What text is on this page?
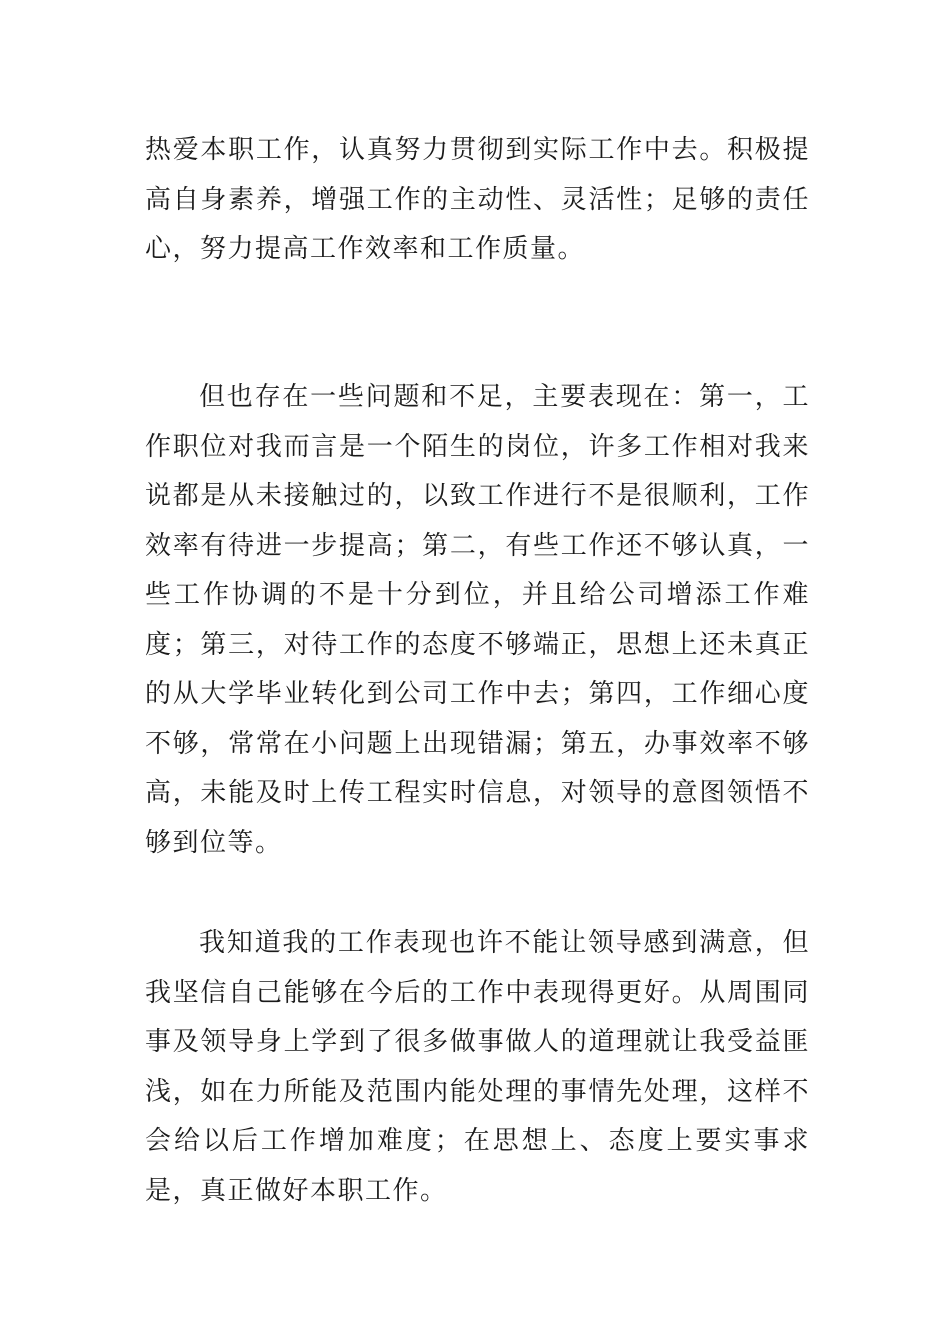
热爱本职工作，认真努力贯彻到实际工作中去。积极提高自身素养，增强工作的主动性、灵活性；足够的责任心，努力提高工作效率和工作质量。

但也存在一些问题和不足，主要表现在：第一，工作职位对我而言是一个陌生的岗位，许多工作相对我来说都是从未接触过的，以致工作进行不是很顺利，工作效率有待进一步提高；第二，有些工作还不够认真，一些工作协调的不是十分到位，并且给公司增添工作难度；第三，对待工作的态度不够端正，思想上还未真正的从大学毕业转化到公司工作中去；第四，工作细心度不够，常常在小问题上出现错漏；第五，办事效率不够高，未能及时上传工程实时信息，对领导的意图领悟不够到位等。

我知道我的工作表现也许不能让领导感到满意，但我坚信自己能够在今后的工作中表现得更好。从周围同事及领导身上学到了很多做事做人的道理就让我受益匪浅，如在力所能及范围内能处理的事情先处理，这样不会给以后工作增加难度；在思想上、态度上要实事求是，真正做好本职工作。
